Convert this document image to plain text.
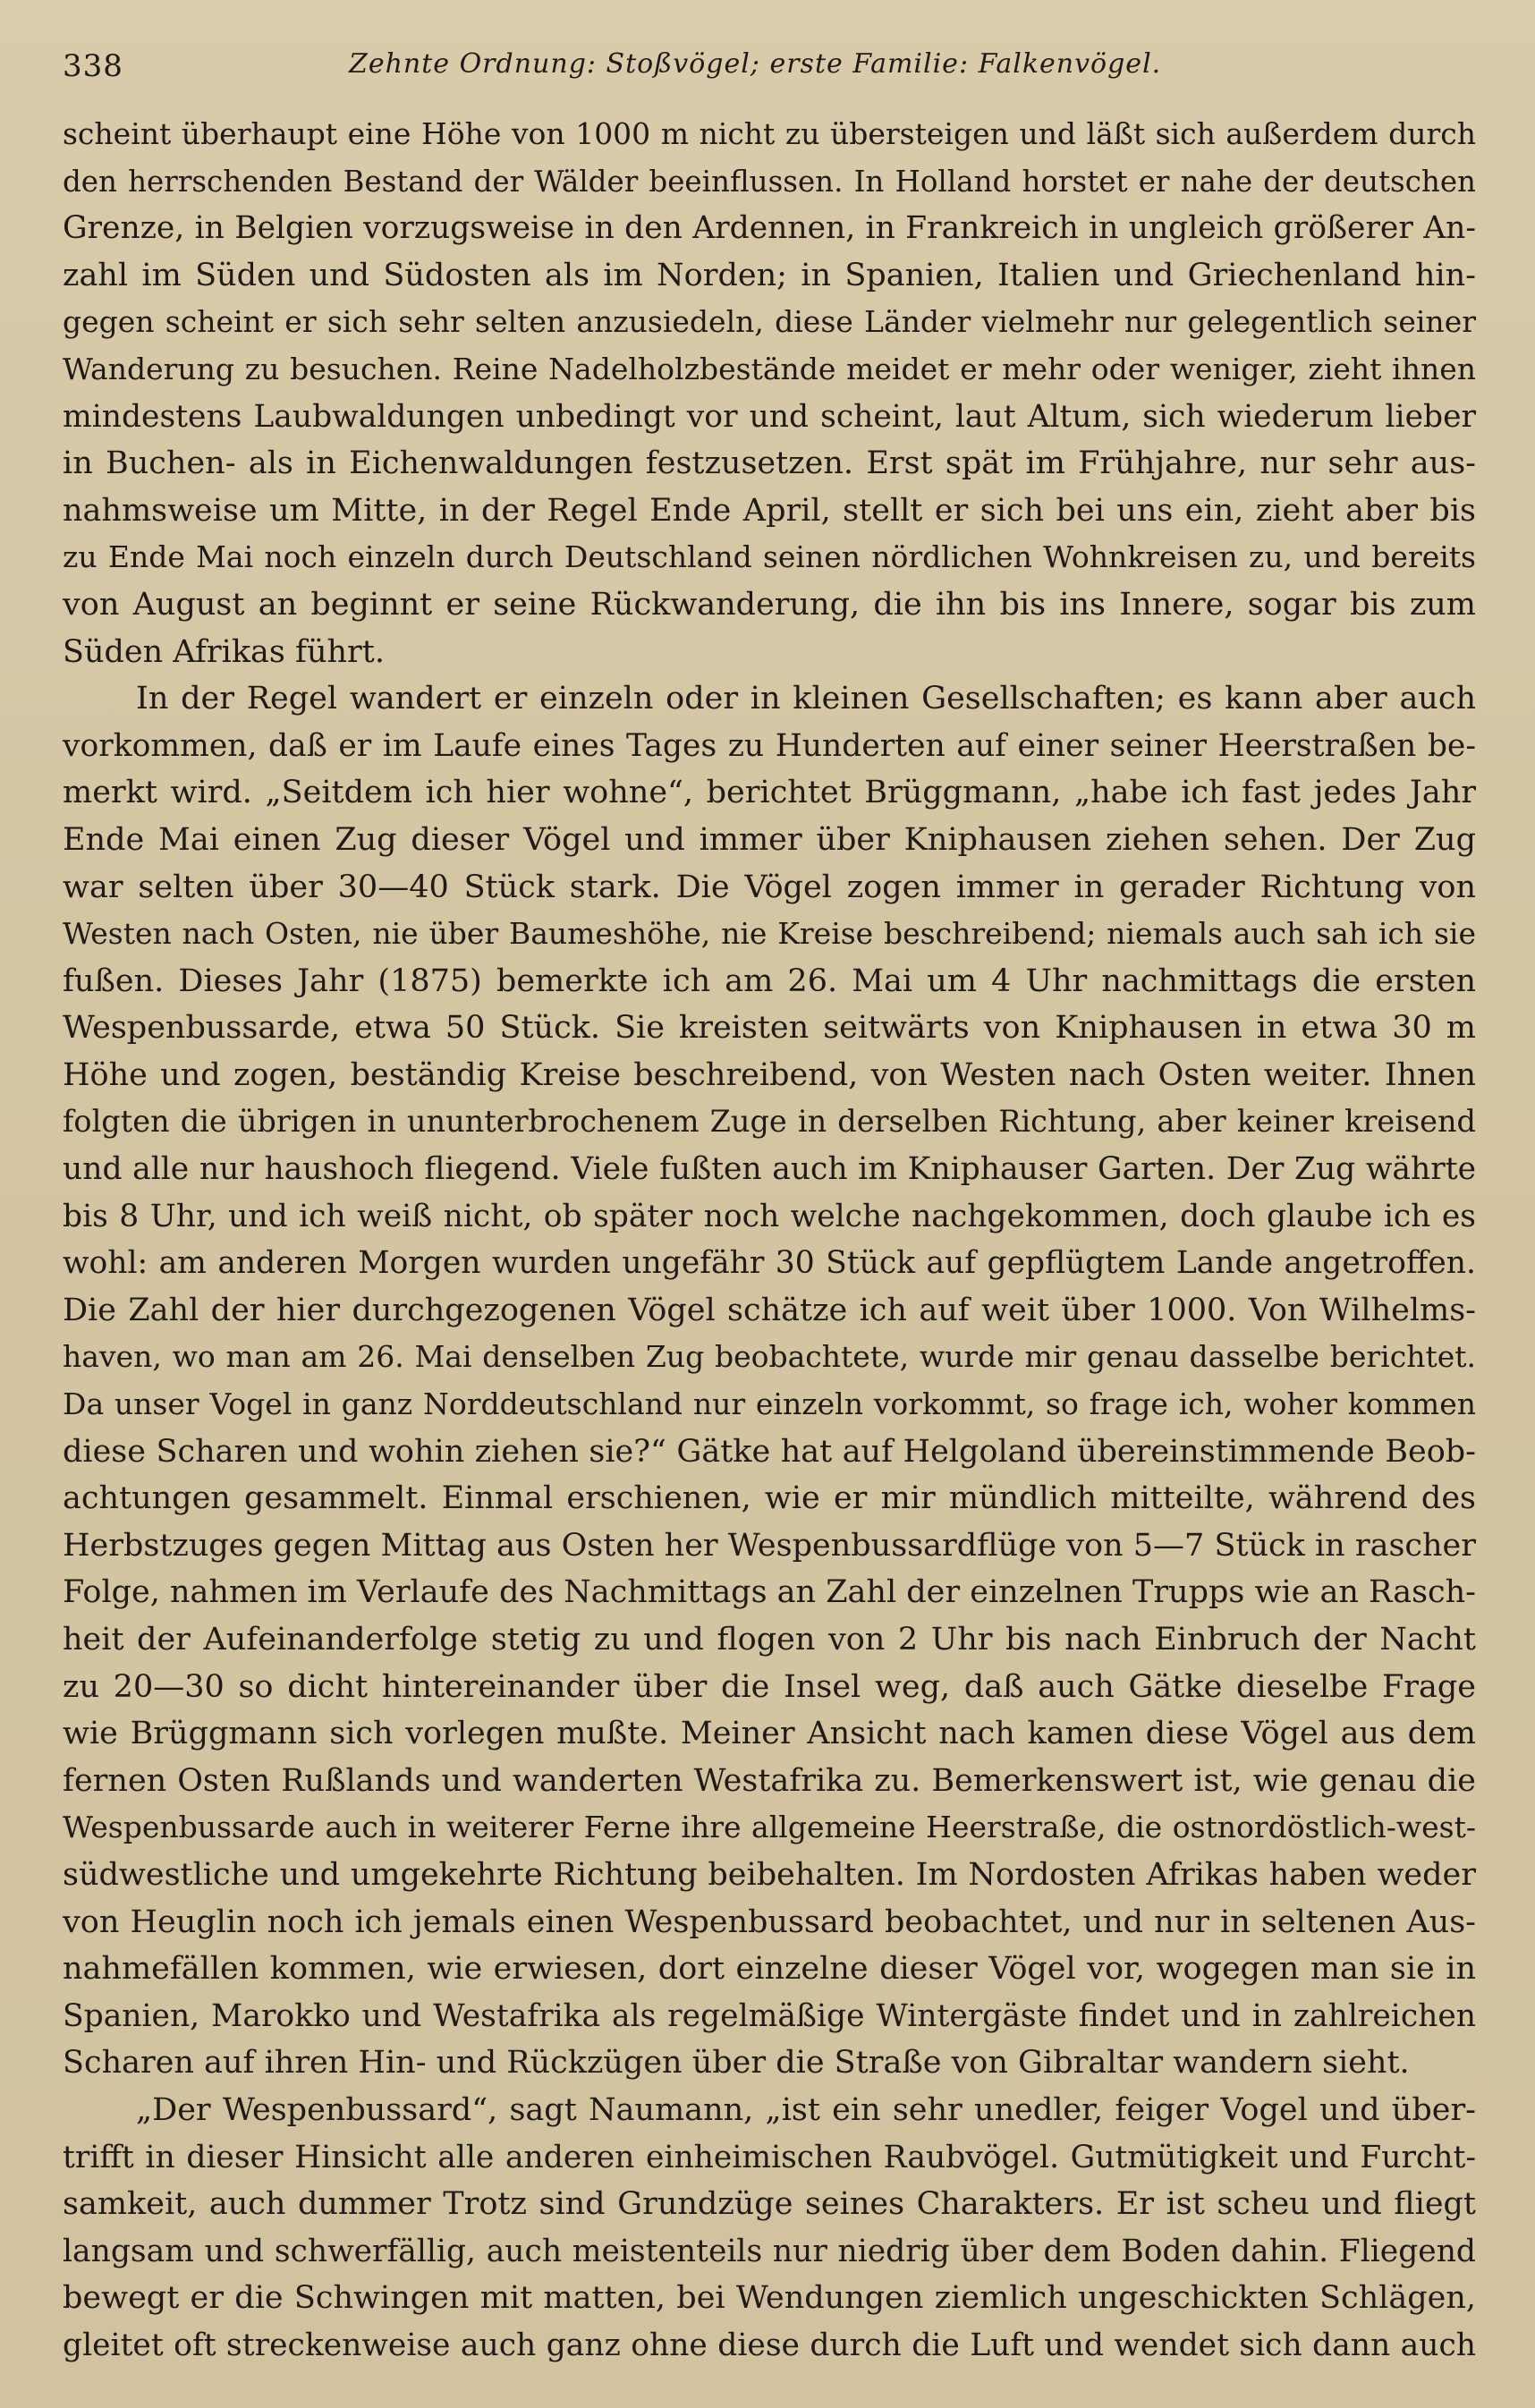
338	Zehnte Ordnung: Stoßvögel; erste Familie: Falkenvögel.
scheint überhaupt eine Höhe von 1000 m nicht zu übersteigen und läßt sich außerdem durch
den herrschenden Bestand der Wälder beeinflussen. In Holland horstet er nahe der deutschen
Grenze, in Belgien vorzugsweise in den Ardennen, in Frankreich in ungleich größerer An-
zahl im Süden und Südosten als im Norden; in Spanien, Italien und Griechenland hin-
gegen scheint er sich sehr selten anzusiedeln, diese Länder vielmehr nur gelegentlich seiner
Wanderung zu besuchen. Reine Nadelholzbestände meidet er mehr oder weniger, zieht ihnen
mindestens Laubwaldungen unbedingt vor und scheint, laut Altum, sich wiederum lieber
in Buchen- als in Eichenwaldungen festzusetzen. Erst spät im Frühjahre, nur sehr aus-
nahmsweise um Mitte, in der Regel Ende April, stellt er sich bei uns ein, zieht aber bis
zu Ende Mai noch einzeln durch Deutschland seinen nördlichen Wohnkreisen zu, und bereits
von August an beginnt er seine Rückwanderung, die ihn bis ins Innere, sogar bis zum
Süden Afrikas führt.
In der Regel wandert er einzeln oder in kleinen Gesellschaften; es kann aber auch
vorkommen, daß er im Laufe eines Tages zu Hunderten auf einer seiner Heerstraßen be-
merkt wird. „Seitdem ich hier wohne“, berichtet Brüggmann, „habe ich fast jedes Jahr
Ende Mai einen Zug dieser Vögel und immer über Kniphausen ziehen sehen. Der Zug
war selten über 30—40 Stück stark. Die Vögel zogen immer in gerader Richtung von
Westen nach Osten, nie über Baumeshöhe, nie Kreise beschreibend; niemals auch sah ich sie
fußen. Dieses Jahr (1875) bemerkte ich am 26. Mai um 4 Uhr nachmittags die ersten
Wespenbussarde, etwa 50 Stück. Sie kreisten seitwärts von Kniphausen in etwa 30 m
Höhe und zogen, beständig Kreise beschreibend, von Westen nach Osten weiter. Ihnen
folgten die übrigen in ununterbrochenem Zuge in derselben Richtung, aber keiner kreisend
und alle nur haushoch fliegend. Viele fußten auch im Kniphauser Garten. Der Zug währte
bis 8 Uhr, und ich weiß nicht, ob später noch welche nachgekommen, doch glaube ich es
wohl: am anderen Morgen wurden ungefähr 30 Stück auf gepflügtem Lande angetroffen.
Die Zahl der hier durchgezogenen Vögel schätze ich auf weit über 1000. Von Wilhelms-
haven, wo man am 26. Mai denselben Zug beobachtete, wurde mir genau dasselbe berichtet.
Da unser Vogel in ganz Norddeutschland nur einzeln vorkommt, so frage ich, woher kommen
diese Scharen und wohin ziehen sie?“ Gätke hat auf Helgoland übereinstimmende Beob-
achtungen gesammelt. Einmal erschienen, wie er mir mündlich mitteilte, während des
Herbstzuges gegen Mittag aus Osten her Wespenbussardflüge von 5—7 Stück in rascher
Folge, nahmen im Verlaufe des Nachmittags an Zahl der einzelnen Trupps wie an Rasch-
heit der Aufeinanderfolge stetig zu und flogen von 2 Uhr bis nach Einbruch der Nacht
zu 20—30 so dicht hintereinander über die Insel weg, daß auch Gätke dieselbe Frage
wie Brüggmann sich vorlegen mußte. Meiner Ansicht nach kamen diese Vögel aus dem
fernen Osten Rußlands und wanderten Westafrika zu. Bemerkenswert ist, wie genau die
Wespenbussarde auch in weiterer Ferne ihre allgemeine Heerstraße, die ostnordöstlich-west-
südwestliche und umgekehrte Richtung beibehalten. Im Nordosten Afrikas haben weder
von Heuglin noch ich jemals einen Wespenbussard beobachtet, und nur in seltenen Aus-
nahmefällen kommen, wie erwiesen, dort einzelne dieser Vögel vor, wogegen man sie in
Spanien, Marokko und Westafrika als regelmäßige Wintergäste findet und in zahlreichen
Scharen auf ihren Hin- und Rückzügen über die Straße von Gibraltar wandern sieht.
„Der Wespenbussard“, sagt Naumann, „ist ein sehr unedler, feiger Vogel und über-
trifft in dieser Hinsicht alle anderen einheimischen Raubvögel. Gutmütigkeit und Furcht-
samkeit, auch dummer Trotz sind Grundzüge seines Charakters. Er ist scheu und fliegt
langsam und schwerfällig, auch meistenteils nur niedrig über dem Boden dahin. Fliegend
bewegt er die Schwingen mit matten, bei Wendungen ziemlich ungeschickten Schlägen,
gleitet oft streckenweise auch ganz ohne diese durch die Luft und wendet sich dann auch
